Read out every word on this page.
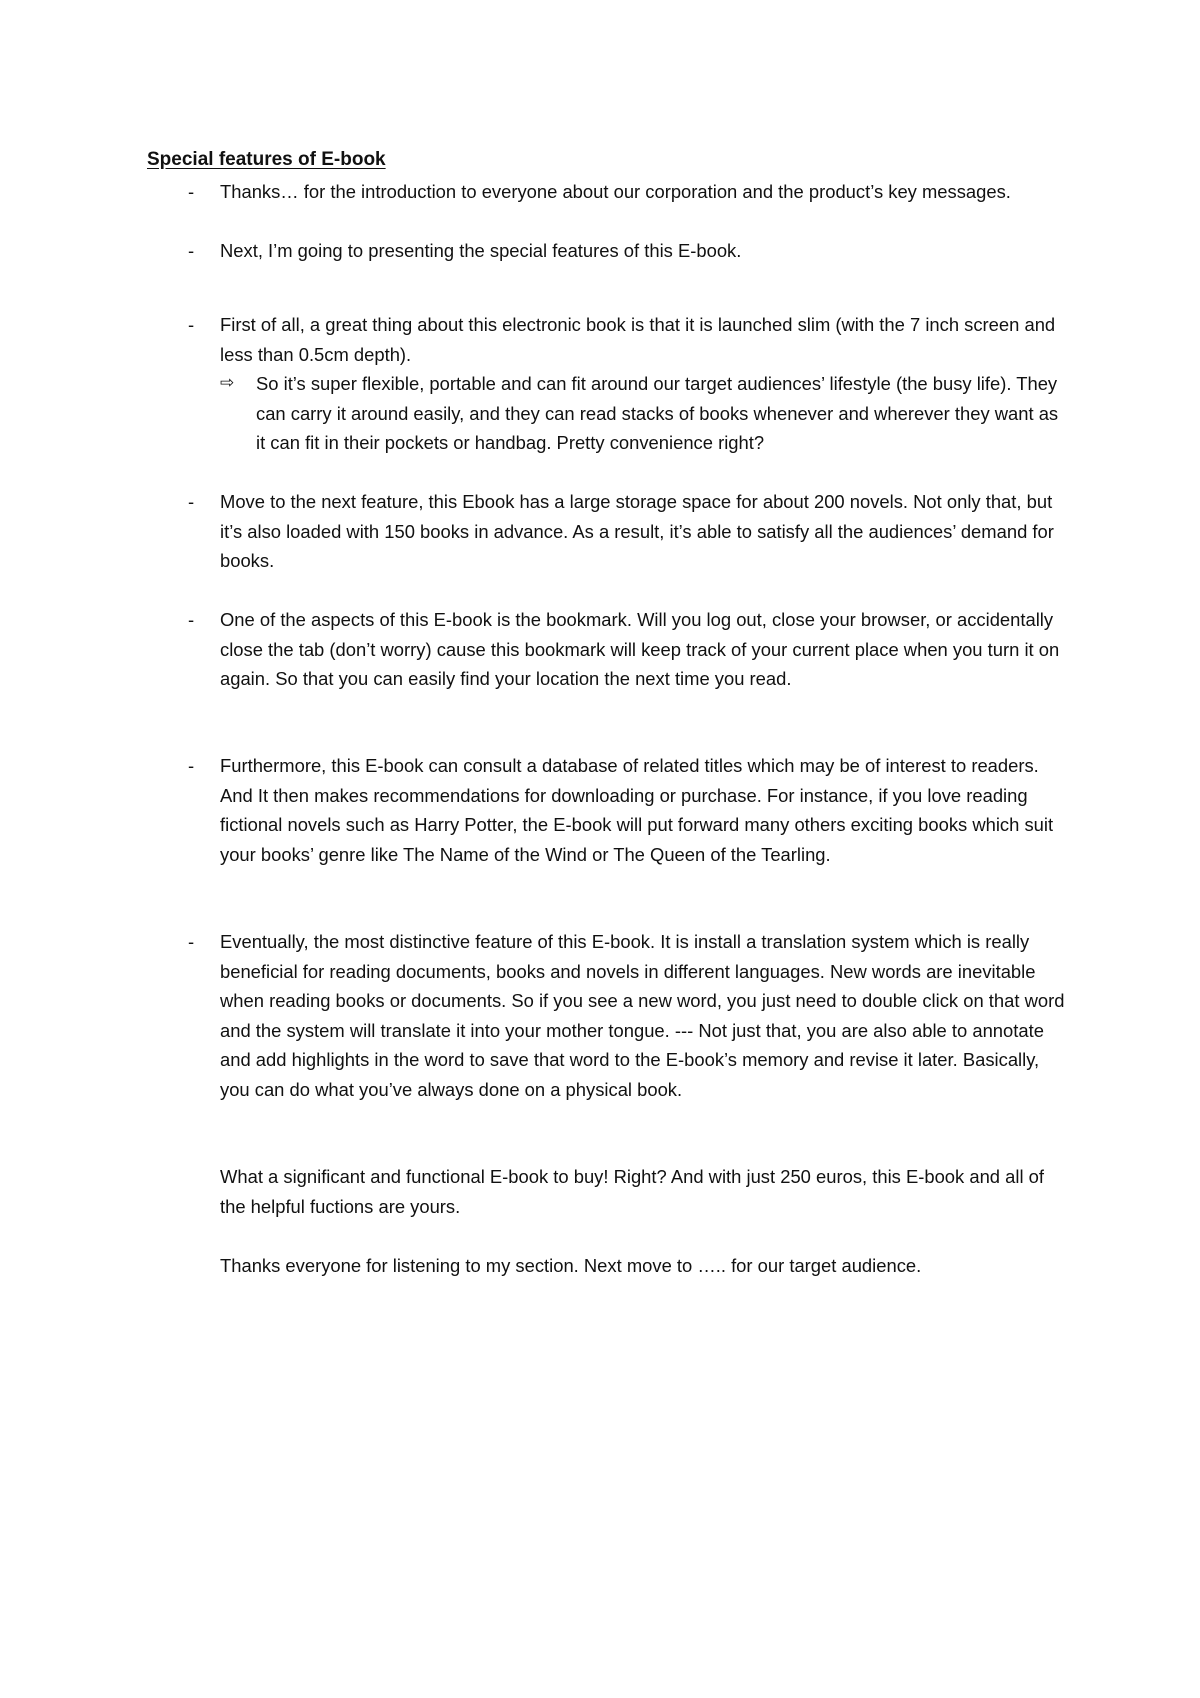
Special features of E-book
- Thanks… for the introduction to everyone about our corporation and the product’s key messages.
- Next, I’m going to presenting the special features of this E-book.
- First of all, a great thing about this electronic book is that it is launched slim (with the 7 inch screen and less than 0.5cm depth).
⇨ So it’s super flexible, portable and can fit around our target audiences’ lifestyle (the busy life). They can carry it around easily, and they can read stacks of books whenever and wherever they want as it can fit in their pockets or handbag. Pretty convenience right?
- Move to the next feature, this Ebook has a large storage space for about 200 novels. Not only that, but it’s also loaded with 150 books in advance. As a result, it’s able to satisfy all the audiences’ demand for books.
- One of the aspects of this E-book is the bookmark. Will you log out, close your browser, or accidentally close the tab (don’t worry) cause this bookmark will keep track of your current place when you turn it on again. So that you can easily find your location the next time you read.
- Furthermore, this E-book can consult a database of related titles which may be of interest to readers. And It then makes recommendations for downloading or purchase. For instance, if you love reading fictional novels such as Harry Potter, the E-book will put forward many others exciting books which suit your books’ genre like The Name of the Wind or The Queen of the Tearling.
- Eventually, the most distinctive feature of this E-book. It is install a translation system which is really beneficial for reading documents, books and novels in different languages. New words are inevitable when reading books or documents. So if you see a new word, you just need to double click on that word and the system will translate it into your mother tongue. --- Not just that, you are also able to annotate and add highlights in the word to save that word to the E-book’s memory and revise it later. Basically, you can do what you’ve always done on a physical book.
What a significant and functional E-book to buy! Right? And with just 250 euros, this E-book and all of the helpful fuctions are yours.
Thanks everyone for listening to my section. Next move to ….. for our target audience.
